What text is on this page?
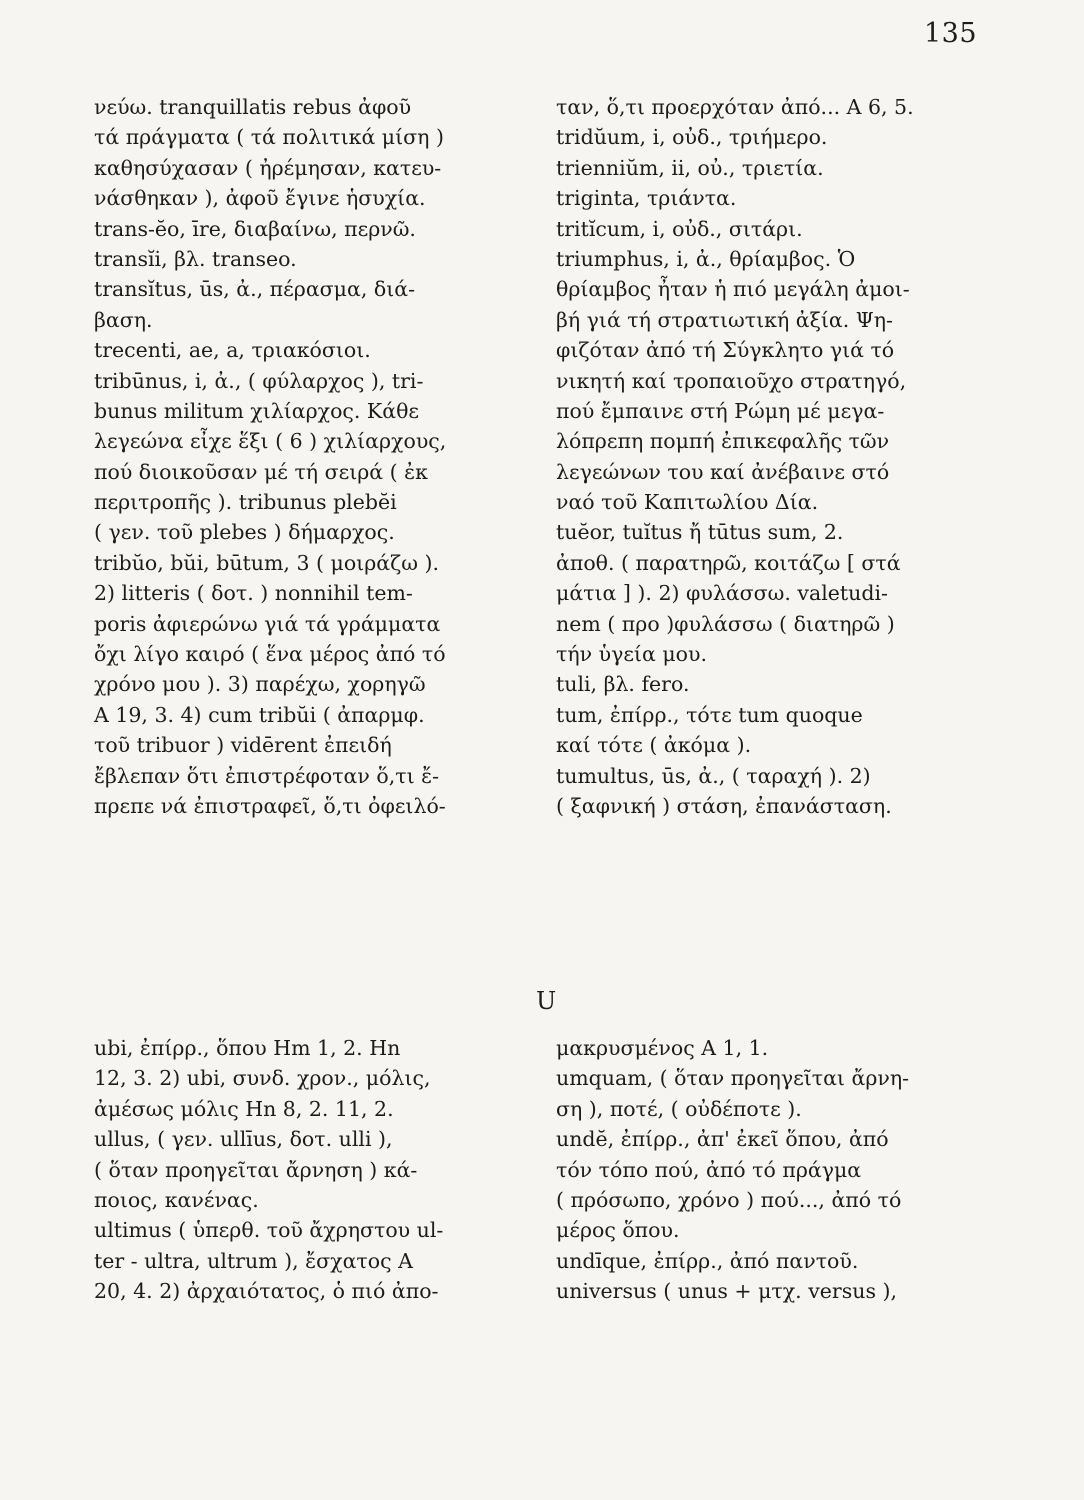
135
νεύω. tranquillatis rebus ἀφοῦ
τά πράγματα ( τά πολιτικά μίση )
καθησύχασαν ( ἠρέμησαν, κατευ-
νάσθηκαν ), ἀφοῦ ἔγινε ἡσυχία.
trans-ĕo, īre, διαβαίνω, περνῶ.
transĭi, βλ. transeo.
transĭtus, ūs, ἀ., πέρασμα, διά-
βαση.
trecenti, ae, a, τριακόσιοι.
tribūnus, i, ἀ., ( φύλαρχος ), tri-
bunus militum χιλίαρχος. Κάθε
λεγεώνα εἶχε ἕξι ( 6 ) χιλίαρχους,
πού διοικοῦσαν μέ τή σειρά ( ἐκ
περιτροπῆς ). tribunus plebĕi
( γεν. τοῦ plebes ) δήμαρχος.
tribŭo, bŭi, būtum, 3 ( μοιράζω ).
2) litteris ( δοτ. ) nonnihil tem-
poris ἀφιερώνω γιά τά γράμματα
ὄχι λίγο καιρό ( ἕνα μέρος ἀπό τό
χρόνο μου ). 3) παρέχω, χορηγῶ
A 19, 3. 4) cum tribŭi ( ἀπαρμφ.
τοῦ tribuor ) vidērent ἐπειδή
ἔβλεπαν ὅτι ἐπιστρέφοταν ὅ,τι ἔ-
πρεπε νά ἐπιστραφεῖ, ὅ,τι ὀφειλό-
ταν, ὅ,τι προερχόταν ἀπό... A 6, 5.
tridŭum, i, οὐδ., τριήμερο.
trienniŭm, ii, οὐ., τριετία.
triginta, τριάντα.
tritĭcum, i, οὐδ., σιτάρι.
triumphus, i, ἀ., θρίαμβος. Ὁ
θρίαμβος ἦταν ἡ πιό μεγάλη ἀμοι-
βή γιά τή στρατιωτική ἀξία. Ψη-
φιζόταν ἀπό τή Σύγκλητο γιά τό
νικητή καί τροπαιοῦχο στρατηγό,
πού ἔμπαινε στή Ρώμη μέ μεγα-
λόπρεπη πομπή ἐπικεφαλῆς τῶν
λεγεώνων του καί ἀνέβαινε στό
ναό τοῦ Καπιτωλίου Δία.
tuĕor, tuĭtus ἤ tūtus sum, 2.
ἀποθ. ( παρατηρῶ, κοιτάζω [ στά
μάτια ] ). 2) φυλάσσω. valetudi-
nem ( προ )φυλάσσω ( διατηρῶ )
τήν ὑγεία μου.
tuli, βλ. fero.
tum, ἐπίρρ., τότε tum quoque
καί τότε ( ἀκόμα ).
tumultus, ūs, ἀ., ( ταραχή ). 2)
( ξαφνική ) στάση, ἐπανάσταση.
U
ubi, ἐπίρρ., ὅπου Hm 1, 2. Hn
12, 3. 2) ubi, συνδ. χρον., μόλις,
ἀμέσως μόλις Hn 8, 2. 11, 2.
ullus, ( γεν. ullīus, δοτ. ulli ),
( ὅταν προηγεῖται ἄρνηση ) κά-
ποιος, κανένας.
ultimus ( ὑπερθ. τοῦ ἄχρηστου ul-
ter - ultra, ultrum ), ἔσχατος A
20, 4. 2) ἀρχαιότατος, ὁ πιό ἀπο-
μακρυσμένος A 1, 1.
umquam, ( ὅταν προηγεῖται ἄρνη-
ση ), ποτέ, ( οὐδέποτε ).
undĕ, ἐπίρρ., ἀπ' ἐκεῖ ὅπου, ἀπό
τόν τόπο πού, ἀπό τό πράγμα
( πρόσωπο, χρόνο ) πού..., ἀπό τό
μέρος ὅπου.
undīque, ἐπίρρ., ἀπό παντοῦ.
universus ( unus + μτχ. versus ),
